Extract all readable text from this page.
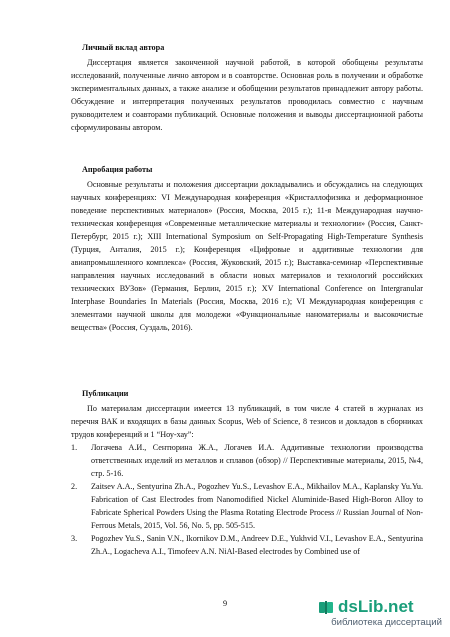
Личный вклад автора

Диссертация является законченной научной работой, в которой обобщены результаты исследований, полученные лично автором и в соавторстве. Основная роль в получении и обработке экспериментальных данных, а также анализе и обобщении результатов принадлежит автору работы. Обсуждение и интерпретация полученных результатов проводилась совместно с научным руководителем и соавторами публикаций. Основные положения и выводы диссертационной работы сформулированы автором.

Апробация работы

Основные результаты и положения диссертации докладывались и обсуждались на следующих научных конференциях: VI Международная конференция «Кристаллофизика и деформационное поведение перспективных материалов» (Россия, Москва, 2015 г.); 11-я Международная научно-техническая конференция «Современные металлические материалы и технологии» (Россия, Санкт-Петербург, 2015 г.); XIII International Symposium on Self-Propagating High-Temperature Synthesis (Турция, Анталия, 2015 г.); Конференция «Цифровые и аддитивные технологии для авиапромышленного комплекса» (Россия, Жуковский, 2015 г.); Выставка-семинар «Перспективные направления научных исследований в области новых материалов и технологий российских технических ВУЗов» (Германия, Берлин, 2015 г.); XV International Conference on Intergranular Interphase Boundaries In Materials (Россия, Москва, 2016 г.); VI Международная конференция с элементами научной школы для молодежи «Функциональные наноматериалы и высокочистые вещества» (Россия, Суздаль, 2016).

Публикации

По материалам диссертации имеется 13 публикаций, в том числе 4 статей в журналах из перечня ВАК и входящих в базы данных Scopus, Web of Science, 8 тезисов и докладов в сборниках трудов конференций и 1 “Ноу-хау”:

1. Логачева А.И., Сентюрина Ж.А., Логачев И.А. Аддитивные технологии производства ответственных изделий из металлов и сплавов (обзор) // Перспективные материалы, 2015, №4, стр. 5-16.

2. Zaitsev A.A., Sentyurina Zh.A., Pogozhev Yu.S., Levashov E.A., Mikhailov M.A., Kaplansky Yu.Yu. Fabrication of Cast Electrodes from Nanomodified Nickel Aluminide-Based High-Boron Alloy to Fabricate Spherical Powders Using the Plasma Rotating Electrode Process // Russian Journal of Non-Ferrous Metals, 2015, Vol. 56, No. 5, pp. 505-515.

3. Pogozhev Yu.S., Sanin V.N., Ikornikov D.M., Andreev D.E., Yukhvid V.I., Levashov E.A., Sentyurina Zh.A., Logacheva A.I., Timofeev A.N. NiAl-Based electrodes by Combined use of

9	dsLib.net
библиотека диссертаций
